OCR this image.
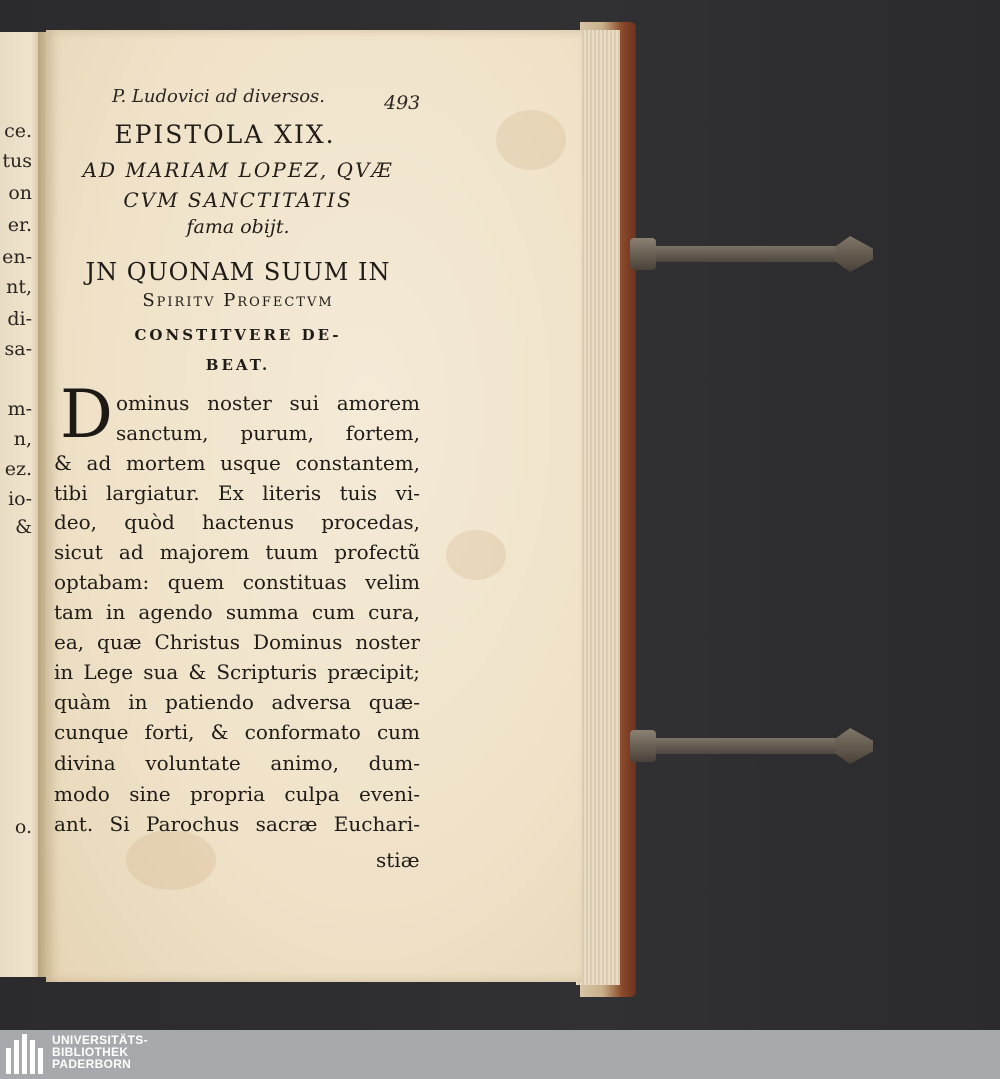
ce.
tus
on
er.
en-
nt,
di-
sa-
m-
n,
ez.
io-
&
o.
P. Ludovici ad diversos.	493
EPISTOLA XIX.
AD MARIAM LOPEZ, QVÆ
CVM SANCTITATIS
fama obijt.
JN QUONAM SUUM IN
Spiritv Profectvm
CONSTITVERE DE-
BEAT.
D ominus noster sui amorem
sanctum, purum, fortem,
& ad mortem usque constantem,
tibi largiatur. Ex literis tuis vi-
deo, quòd hactenus procedas,
sicut ad majorem tuum profectũ
optabam: quem constituas velim
tam in agendo summa cum cura,
ea, quæ Christus Dominus noster
in Lege sua & Scripturis præcipit;
quàm in patiendo adversa quæ-
cunque forti, & conformato cum
divina voluntate animo, dum-
modo sine propria culpa eveni-
ant. Si Parochus sacræ Euchari-
stiæ
UNIVERSITÄTS-
BIBLIOTHEK
PADERBORN
